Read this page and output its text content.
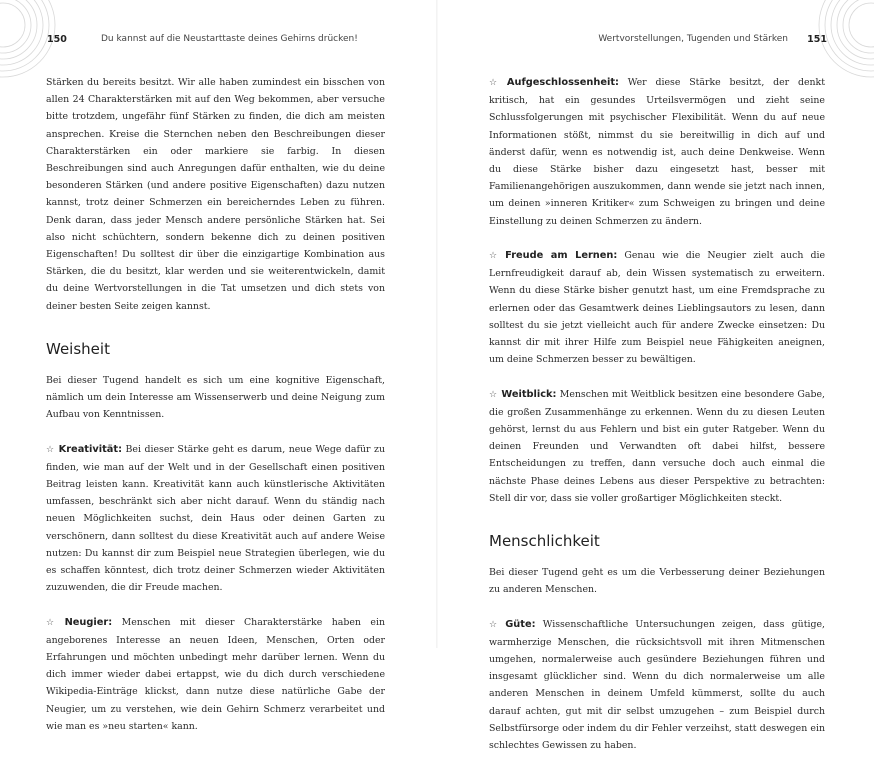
150	Du kannst auf die Neustarttaste deines Gehirns drücken!

Stärken du bereits besitzt. Wir alle haben zumindest ein bisschen von allen 24 Charakterstärken mit auf den Weg bekommen, aber versuche bitte trotzdem, ungefähr fünf Stärken zu finden, die dich am meisten ansprechen. Kreise die Sternchen neben den Beschreibungen dieser Charakterstärken ein oder markiere sie farbig. In diesen Beschreibungen sind auch Anregungen dafür enthalten, wie du deine besonderen Stärken (und andere positive Eigenschaften) dazu nutzen kannst, trotz deiner Schmerzen ein bereicherndes Leben zu führen. Denk daran, dass jeder Mensch andere persönliche Stärken hat. Sei also nicht schüchtern, sondern bekenne dich zu deinen positiven Eigenschaften! Du solltest dir über die einzigartige Kombination aus Stärken, die du besitzt, klar werden und sie weiterentwickeln, damit du deine Wertvorstellungen in die Tat umsetzen und dich stets von deiner besten Seite zeigen kannst.

Weisheit

Bei dieser Tugend handelt es sich um eine kognitive Eigenschaft, nämlich um dein Interesse am Wissenserwerb und deine Neigung zum Aufbau von Kenntnissen.

☆ Kreativität: Bei dieser Stärke geht es darum, neue Wege dafür zu finden, wie man auf der Welt und in der Gesellschaft einen positiven Beitrag leisten kann. Kreativität kann auch künstlerische Aktivitäten umfassen, beschränkt sich aber nicht darauf. Wenn du ständig nach neuen Möglichkeiten suchst, dein Haus oder deinen Garten zu verschönern, dann solltest du diese Kreativität auch auf andere Weise nutzen: Du kannst dir zum Beispiel neue Strategien überlegen, wie du es schaffen könntest, dich trotz deiner Schmerzen wieder Aktivitäten zuzuwenden, die dir Freude machen.

☆ Neugier: Menschen mit dieser Charakterstärke haben ein angeborenes Interesse an neuen Ideen, Menschen, Orten oder Erfahrungen und möchten unbedingt mehr darüber lernen. Wenn du dich immer wieder dabei ertappst, wie du dich durch verschiedene Wikipedia-Einträge klickst, dann nutze diese natürliche Gabe der Neugier, um zu verstehen, wie dein Gehirn Schmerz verarbeitet und wie man es »neu starten« kann.

Wertvorstellungen, Tugenden und Stärken 151

☆ Aufgeschlossenheit: Wer diese Stärke besitzt, der denkt kritisch, hat ein gesundes Urteilsvermögen und zieht seine Schlussfolgerungen mit psychischer Flexibilität. Wenn du auf neue Informationen stößt, nimmst du sie bereitwillig in dich auf und änderst dafür, wenn es notwendig ist, auch deine Denkweise. Wenn du diese Stärke bisher dazu eingesetzt hast, besser mit Familienangehörigen auszukommen, dann wende sie jetzt nach innen, um deinen »inneren Kritiker« zum Schweigen zu bringen und deine Einstellung zu deinen Schmerzen zu ändern.

☆ Freude am Lernen: Genau wie die Neugier zielt auch die Lernfreudigkeit darauf ab, dein Wissen systematisch zu erweitern. Wenn du diese Stärke bisher genutzt hast, um eine Fremdsprache zu erlernen oder das Gesamtwerk deines Lieblingsautors zu lesen, dann solltest du sie jetzt vielleicht auch für andere Zwecke einsetzen: Du kannst dir mit ihrer Hilfe zum Beispiel neue Fähigkeiten aneignen, um deine Schmerzen besser zu bewältigen.

☆ Weitblick: Menschen mit Weitblick besitzen eine besondere Gabe, die großen Zusammenhänge zu erkennen. Wenn du zu diesen Leuten gehörst, lernst du aus Fehlern und bist ein guter Ratgeber. Wenn du deinen Freunden und Verwandten oft dabei hilfst, bessere Entscheidungen zu treffen, dann versuche doch auch einmal die nächste Phase deines Lebens aus dieser Perspektive zu betrachten: Stell dir vor, dass sie voller großartiger Möglichkeiten steckt.

Menschlichkeit

Bei dieser Tugend geht es um die Verbesserung deiner Beziehungen zu anderen Menschen.

☆ Güte: Wissenschaftliche Untersuchungen zeigen, dass gütige, warmherzige Menschen, die rücksichtsvoll mit ihren Mitmenschen umgehen, normalerweise auch gesündere Beziehungen führen und insgesamt glücklicher sind. Wenn du dich normalerweise um alle anderen Menschen in deinem Umfeld kümmerst, sollte du auch darauf achten, gut mit dir selbst umzugehen – zum Beispiel durch Selbstfürsorge oder indem du dir Fehler verzeihst, statt deswegen ein schlechtes Gewissen zu haben.
